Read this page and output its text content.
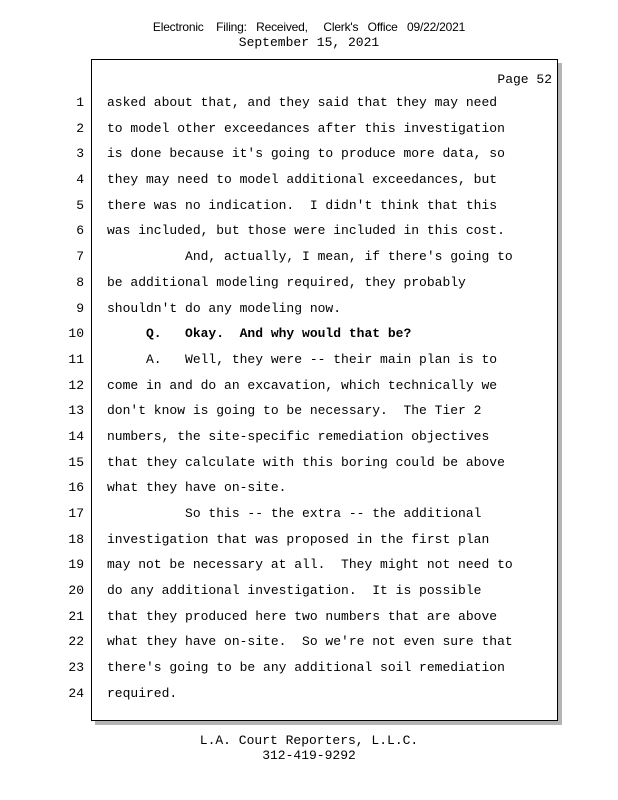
Electronic    Filing:   Received,     Clerk's   Office   09/22/2021
September 15, 2021
Page 52
1 asked about that, and they said that they may need
2 to model other exceedances after this investigation
3 is done because it's going to produce more data, so
4 they may need to model additional exceedances, but
5 there was no indication.  I didn't think that this
6 was included, but those were included in this cost.
7 And, actually, I mean, if there's going to
8 be additional modeling required, they probably
9 shouldn't do any modeling now.
10 Q.   Okay.  And why would that be?
11 A.   Well, they were -- their main plan is to
12 come in and do an excavation, which technically we
13 don't know is going to be necessary.  The Tier 2
14 numbers, the site-specific remediation objectives
15 that they calculate with this boring could be above
16 what they have on-site.
17 So this -- the extra -- the additional
18 investigation that was proposed in the first plan
19 may not be necessary at all.  They might not need to
20 do any additional investigation.  It is possible
21 that they produced here two numbers that are above
22 what they have on-site.  So we're not even sure that
23 there's going to be any additional soil remediation
24 required.
L.A. Court Reporters, L.L.C.
312-419-9292
